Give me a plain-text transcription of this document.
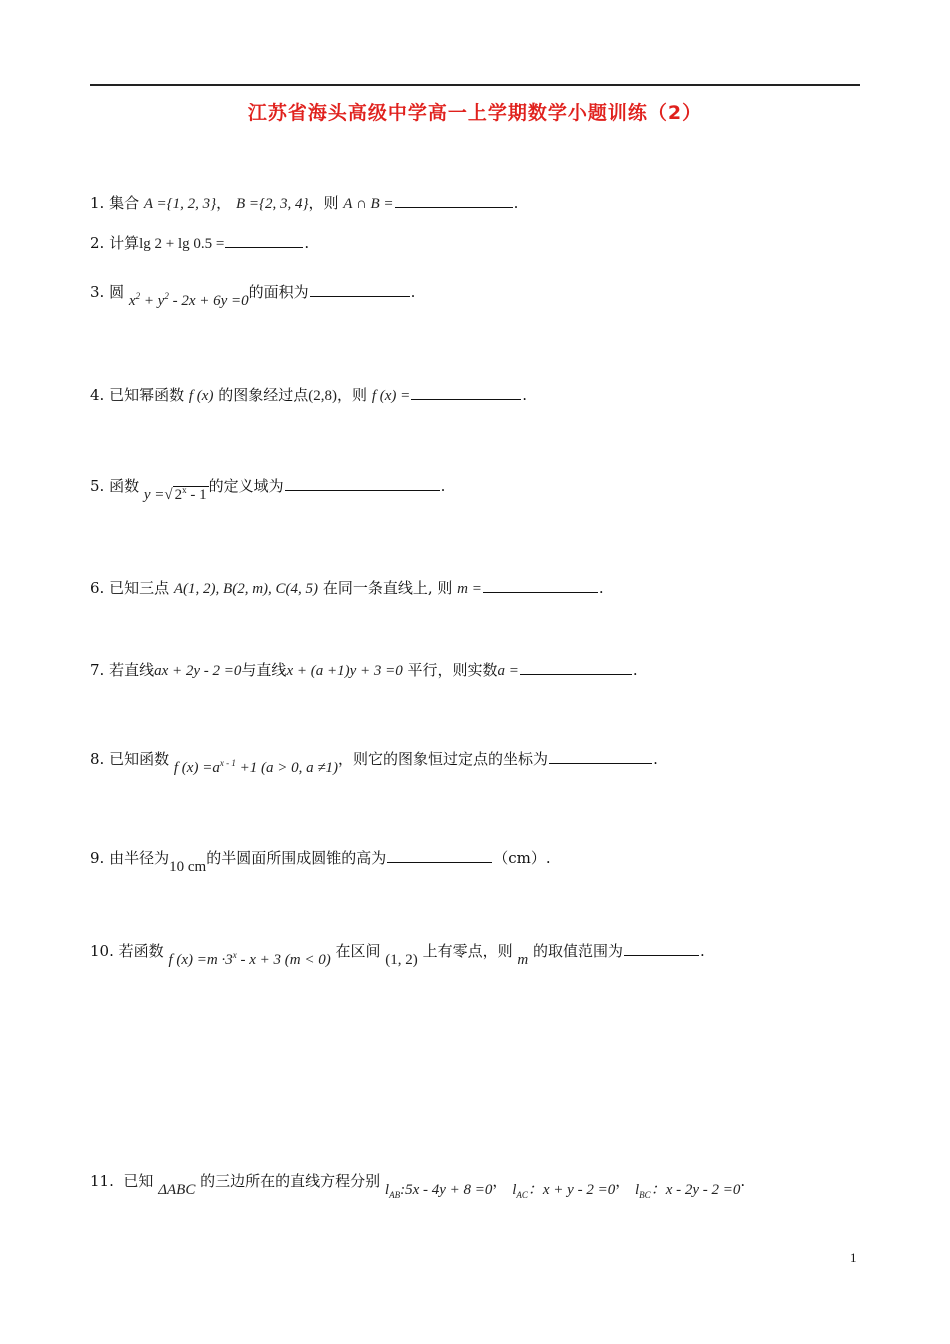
江苏省海头高级中学高一上学期数学小题训练（2）
1. 集合 A ={1, 2, 3}， B ={2, 3, 4}，则 A ∩ B =	.
2. 计算lg 2 + lg 0.5 =	.
3. 圆 $x^2 + y^2 - 2x + 6y =0$的面积为	.
4. 已知幂函数 f (x) 的图象经过点(2,8)，则 f (x) =	.
5. 函数 y =√ 2$^x$ - 1 的定义域为	.
6. 已知三点 A(1, 2), B(2, m), C(4, 5) 在同一条直线上, 则 m =	.
7. 若直线ax + 2y - 2 =0与直线x + (a +1)y + 3 =0 平行，则实数a =	.
8. 已知函数 f $(x) =a^{x - 1} +1$ (a > 0, a ≠1)，则它的图象恒过定点的坐标为	.
9. 由半径为10 cm的半圆面所围成圆锥的高为	（cm）.
10. 若函数 f $(x) =m \cdot 3^x - x + 3$ (m < 0) 在区间 (1, 2) 上有零点，则 m 的取值范围为	.
11. 已知 ΔABC 的三边所在的直线方程分别 $l_{AB}:5x - 4y + 8 =0$， $l_{AC}$：x + y - 2 =0， $l_{BC}$：x - 2y - 2 =0.
1
